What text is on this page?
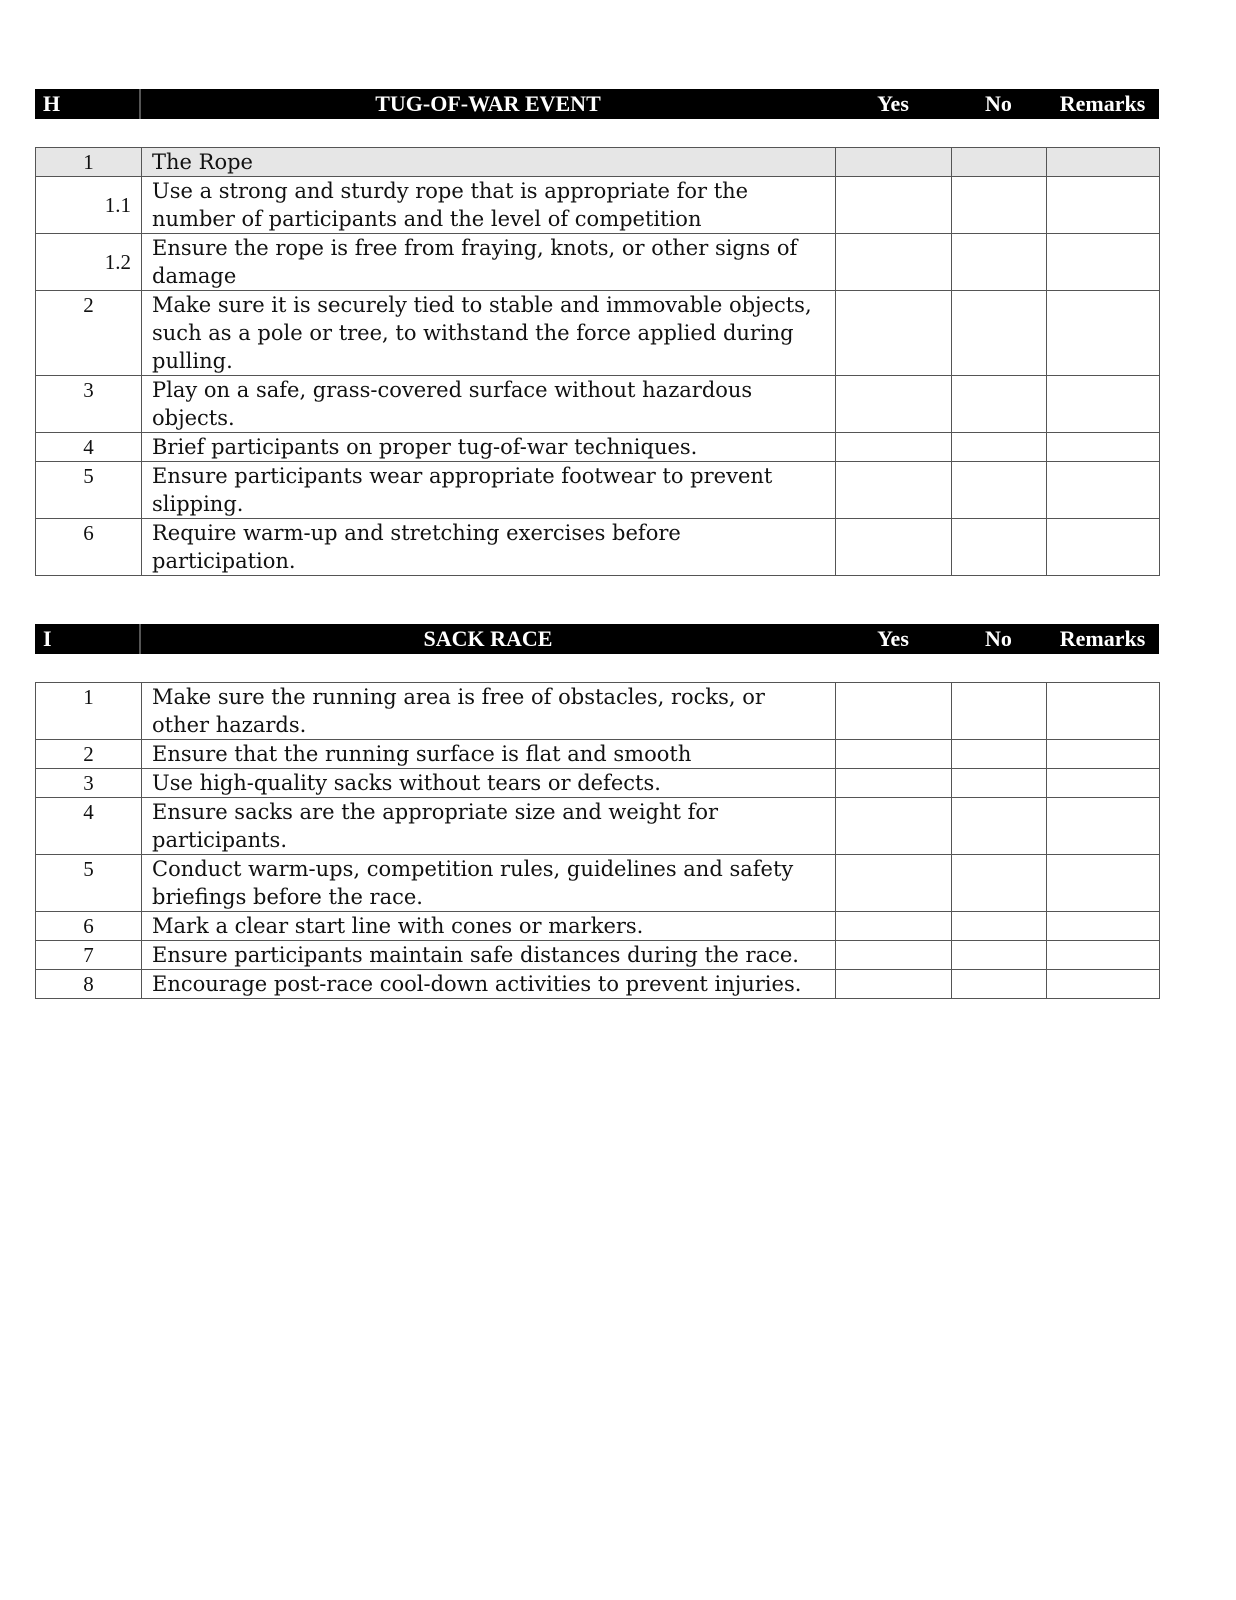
H	TUG-OF-WAR EVENT	Yes	No	Remarks
1	The Rope			
1.1	Use a strong and sturdy rope that is appropriate for the number of participants and the level of competition			
1.2	Ensure the rope is free from fraying, knots, or other signs of damage			
2	Make sure it is securely tied to stable and immovable objects, such as a pole or tree, to withstand the force applied during pulling.			
3	Play on a safe, grass-covered surface without hazardous objects.			
4	Brief participants on proper tug-of-war techniques.			
5	Ensure participants wear appropriate footwear to prevent slipping.			
6	Require warm-up and stretching exercises before participation.			
I	SACK RACE	Yes	No	Remarks
1	Make sure the running area is free of obstacles, rocks, or other hazards.			
2	Ensure that the running surface is flat and smooth			
3	Use high-quality sacks without tears or defects.			
4	Ensure sacks are the appropriate size and weight for participants.			
5	Conduct warm-ups, competition rules, guidelines and safety briefings before the race.			
6	Mark a clear start line with cones or markers.			
7	Ensure participants maintain safe distances during the race.			
8	Encourage post-race cool-down activities to prevent injuries.			
